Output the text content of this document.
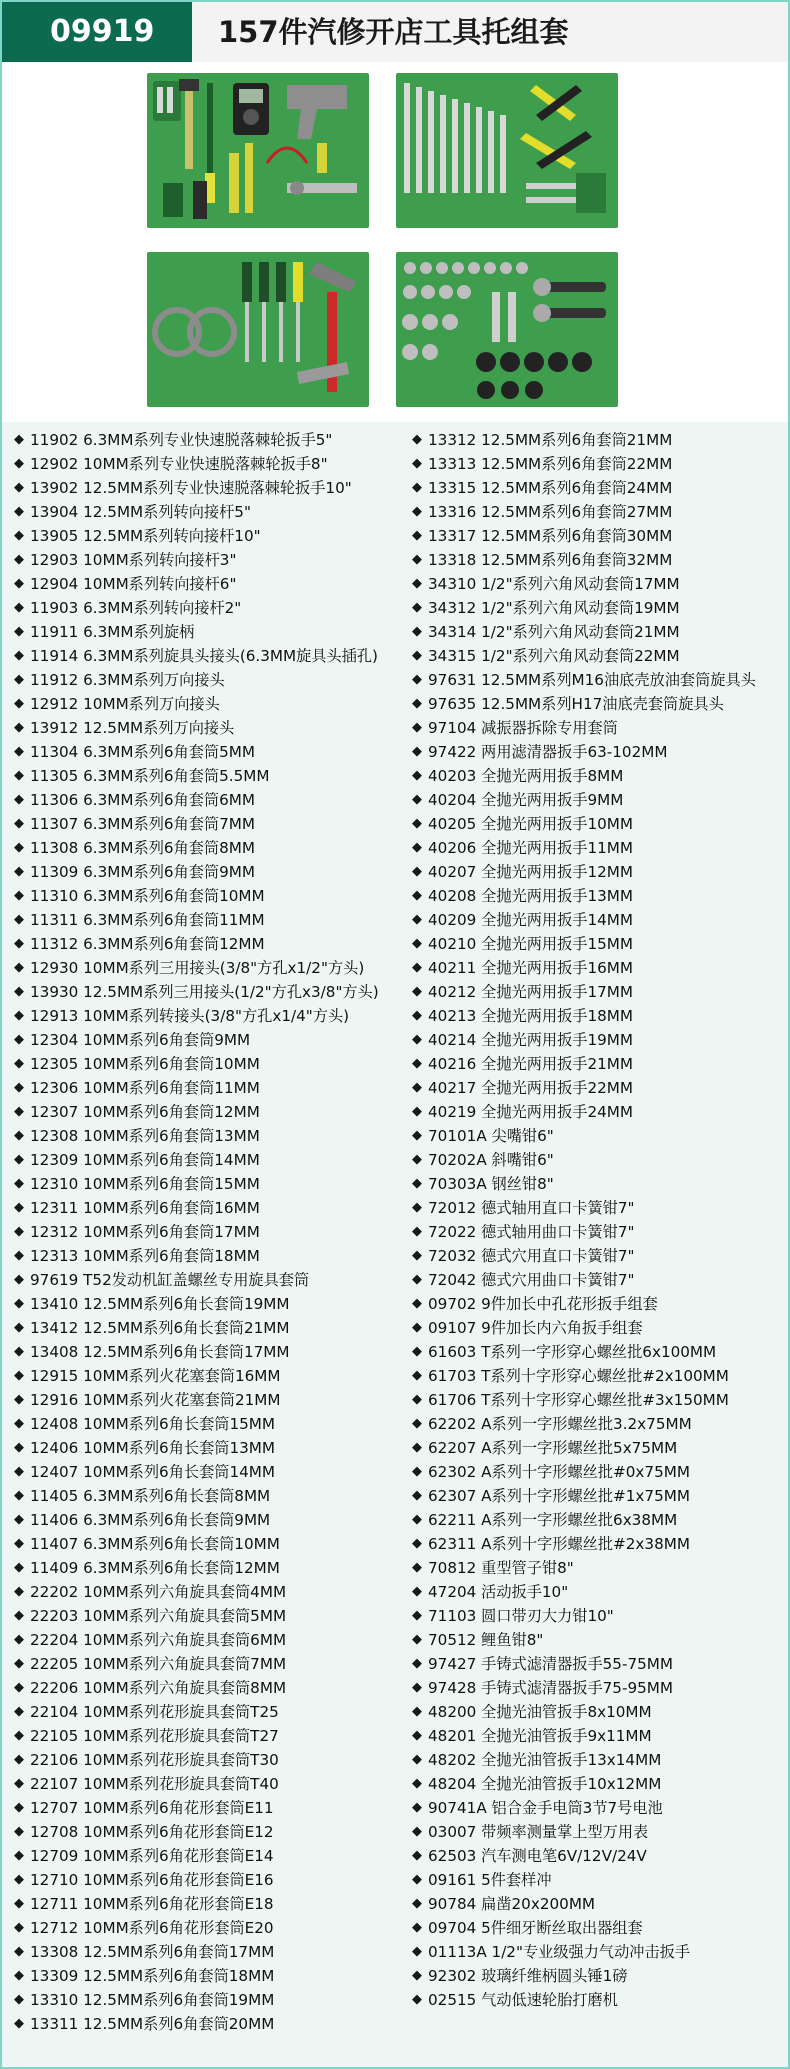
09919	157件汽修开店工具托组套
◆ 11902 6.3MM系列专业快速脱落棘轮扳手5"
◆ 12902 10MM系列专业快速脱落棘轮扳手8"
◆ 13902 12.5MM系列专业快速脱落棘轮扳手10"
◆ 13904 12.5MM系列转向接杆5"
◆ 13905 12.5MM系列转向接杆10"
◆ 12903 10MM系列转向接杆3"
◆ 12904 10MM系列转向接杆6"
◆ 11903 6.3MM系列转向接杆2"
◆ 11911 6.3MM系列旋柄
◆ 11914 6.3MM系列旋具头接头(6.3MM旋具头插孔)
◆ 11912 6.3MM系列万向接头
◆ 12912 10MM系列万向接头
◆ 13912 12.5MM系列万向接头
◆ 11304 6.3MM系列6角套筒5MM
◆ 11305 6.3MM系列6角套筒5.5MM
◆ 11306 6.3MM系列6角套筒6MM
◆ 11307 6.3MM系列6角套筒7MM
◆ 11308 6.3MM系列6角套筒8MM
◆ 11309 6.3MM系列6角套筒9MM
◆ 11310 6.3MM系列6角套筒10MM
◆ 11311 6.3MM系列6角套筒11MM
◆ 11312 6.3MM系列6角套筒12MM
◆ 12930 10MM系列三用接头(3/8"方孔x1/2"方头)
◆ 13930 12.5MM系列三用接头(1/2"方孔x3/8"方头)
◆ 12913 10MM系列转接头(3/8"方孔x1/4"方头)
◆ 12304 10MM系列6角套筒9MM
◆ 12305 10MM系列6角套筒10MM
◆ 12306 10MM系列6角套筒11MM
◆ 12307 10MM系列6角套筒12MM
◆ 12308 10MM系列6角套筒13MM
◆ 12309 10MM系列6角套筒14MM
◆ 12310 10MM系列6角套筒15MM
◆ 12311 10MM系列6角套筒16MM
◆ 12312 10MM系列6角套筒17MM
◆ 12313 10MM系列6角套筒18MM
◆ 97619 T52发动机缸盖螺丝专用旋具套筒
◆ 13410 12.5MM系列6角长套筒19MM
◆ 13412 12.5MM系列6角长套筒21MM
◆ 13408 12.5MM系列6角长套筒17MM
◆ 12915 10MM系列火花塞套筒16MM
◆ 12916 10MM系列火花塞套筒21MM
◆ 12408 10MM系列6角长套筒15MM
◆ 12406 10MM系列6角长套筒13MM
◆ 12407 10MM系列6角长套筒14MM
◆ 11405 6.3MM系列6角长套筒8MM
◆ 11406 6.3MM系列6角长套筒9MM
◆ 11407 6.3MM系列6角长套筒10MM
◆ 11409 6.3MM系列6角长套筒12MM
◆ 22202 10MM系列六角旋具套筒4MM
◆ 22203 10MM系列六角旋具套筒5MM
◆ 22204 10MM系列六角旋具套筒6MM
◆ 22205 10MM系列六角旋具套筒7MM
◆ 22206 10MM系列六角旋具套筒8MM
◆ 22104 10MM系列花形旋具套筒T25
◆ 22105 10MM系列花形旋具套筒T27
◆ 22106 10MM系列花形旋具套筒T30
◆ 22107 10MM系列花形旋具套筒T40
◆ 12707 10MM系列6角花形套筒E11
◆ 12708 10MM系列6角花形套筒E12
◆ 12709 10MM系列6角花形套筒E14
◆ 12710 10MM系列6角花形套筒E16
◆ 12711 10MM系列6角花形套筒E18
◆ 12712 10MM系列6角花形套筒E20
◆ 13308 12.5MM系列6角套筒17MM
◆ 13309 12.5MM系列6角套筒18MM
◆ 13310 12.5MM系列6角套筒19MM
◆ 13311 12.5MM系列6角套筒20MM
◆ 13312 12.5MM系列6角套筒21MM
◆ 13313 12.5MM系列6角套筒22MM
◆ 13315 12.5MM系列6角套筒24MM
◆ 13316 12.5MM系列6角套筒27MM
◆ 13317 12.5MM系列6角套筒30MM
◆ 13318 12.5MM系列6角套筒32MM
◆ 34310 1/2"系列六角风动套筒17MM
◆ 34312 1/2"系列六角风动套筒19MM
◆ 34314 1/2"系列六角风动套筒21MM
◆ 34315 1/2"系列六角风动套筒22MM
◆ 97631 12.5MM系列M16油底壳放油套筒旋具头
◆ 97635 12.5MM系列H17油底壳套筒旋具头
◆ 97104 减振器拆除专用套筒
◆ 97422 两用滤清器扳手63-102MM
◆ 40203 全抛光两用扳手8MM
◆ 40204 全抛光两用扳手9MM
◆ 40205 全抛光两用扳手10MM
◆ 40206 全抛光两用扳手11MM
◆ 40207 全抛光两用扳手12MM
◆ 40208 全抛光两用扳手13MM
◆ 40209 全抛光两用扳手14MM
◆ 40210 全抛光两用扳手15MM
◆ 40211 全抛光两用扳手16MM
◆ 40212 全抛光两用扳手17MM
◆ 40213 全抛光两用扳手18MM
◆ 40214 全抛光两用扳手19MM
◆ 40216 全抛光两用扳手21MM
◆ 40217 全抛光两用扳手22MM
◆ 40219 全抛光两用扳手24MM
◆ 70101A 尖嘴钳6"
◆ 70202A 斜嘴钳6"
◆ 70303A 钢丝钳8"
◆ 72012 德式轴用直口卡簧钳7"
◆ 72022 德式轴用曲口卡簧钳7"
◆ 72032 德式穴用直口卡簧钳7"
◆ 72042 德式穴用曲口卡簧钳7"
◆ 09702 9件加长中孔花形扳手组套
◆ 09107 9件加长内六角扳手组套
◆ 61603 T系列一字形穿心螺丝批6x100MM
◆ 61703 T系列十字形穿心螺丝批#2x100MM
◆ 61706 T系列十字形穿心螺丝批#3x150MM
◆ 62202 A系列一字形螺丝批3.2x75MM
◆ 62207 A系列一字形螺丝批5x75MM
◆ 62302 A系列十字形螺丝批#0x75MM
◆ 62307 A系列十字形螺丝批#1x75MM
◆ 62211 A系列一字形螺丝批6x38MM
◆ 62311 A系列十字形螺丝批#2x38MM
◆ 70812 重型管子钳8"
◆ 47204 活动扳手10"
◆ 71103 圆口带刃大力钳10"
◆ 70512 鲤鱼钳8"
◆ 97427 手铸式滤清器扳手55-75MM
◆ 97428 手铸式滤清器扳手75-95MM
◆ 48200 全抛光油管扳手8x10MM
◆ 48201 全抛光油管扳手9x11MM
◆ 48202 全抛光油管扳手13x14MM
◆ 48204 全抛光油管扳手10x12MM
◆ 90741A 铝合金手电筒3节7号电池
◆ 03007 带频率测量掌上型万用表
◆ 62503 汽车测电笔6V/12V/24V
◆ 09161 5件套样冲
◆ 90784 扁凿20x200MM
◆ 09704 5件细牙断丝取出器组套
◆ 01113A 1/2"专业级强力气动冲击扳手
◆ 92302 玻璃纤维柄圆头锤1磅
◆ 02515 气动低速轮胎打磨机
